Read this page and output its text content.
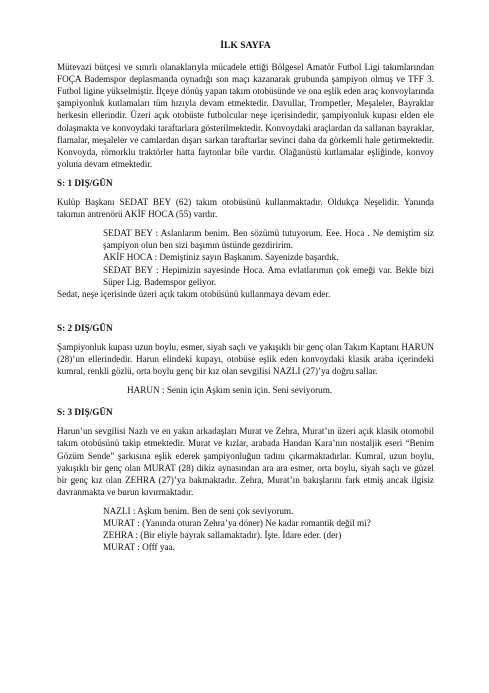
İLK SAYFA

Mütevazi bütçesi ve sınırlı olanaklarıyla mücadele ettiği Bölgesel Amatör Futbol Ligi takımlarından FOÇA Bademspor deplasmanda oynadığı son maçı kazanarak grubunda şampiyon olmuş ve TFF 3. Futbol ligine yükselmiştir. İlçeye dönüş yapan takım otobüsünde ve ona eşlik eden araç konvoylarında şampiyonluk kutlamaları tüm hızıyla devam etmektedir. Davullar, Trompetler, Meşaleler, Bayraklar herkesin ellerindir. Üzeri açık otobüste futbolcular neşe içerisindedir, şampiyonluk kupası elden ele dolaşmakta ve konvoydaki taraftarlara gösterilmektedir. Konvoydaki araçlardan da sallanan bayraklar, flamalar, meşaleler ve camlardan dışarı sarkan taraftarlar sevinci daha da görkemli hale getirmektedir. Konvoyda, römorklu traktörler hatta faytonlar bile vardır. Olağanüstü kutlamalar eşliğinde, konvoy yoluna devam etmektedir.

S: 1 DIŞ/GÜN

Kulüp Başkanı SEDAT BEY (62) takım otobüsünü kullanmaktadır. Oldukça Neşelidir. Yanında takımın antrenörü AKİF HOCA (55) vardır.

SEDAT BEY : Aslanlarım benim. Ben sözümü tutuyorum. Eee. Hoca . Ne demiştim siz şampiyon olun ben sizi başımın üstünde gezdiririm.

AKİF HOCA : Demiştiniz sayın Başkanım. Sayenizde başardık.

SEDAT BEY : Hepimizin sayesinde Hoca. Ama evlatlarımın çok emeği var. Bekle bizi Süper Lig. Bademspor geliyor.

Sedat, neşe içerisinde üzeri açık takım otobüsünü kullanmaya devam eder.

S: 2 DIŞ/GÜN

Şampiyonluk kupası uzun boylu, esmer, siyah saçlı ve yakışıklı bir genç olan Takım Kaptanı HARUN (28)’un ellerindedir. Harun elindeki kupayı, otobüse eşlik eden konvoydaki klasik araba içerindeki kumral, renkli gözlü, orta boylu genç bir kız olan sevgilisi NAZLI (27)’ya doğru sallar.

HARUN : Senin için Aşkım senin için. Seni seviyorum.

S: 3 DIŞ/GÜN

Harun’un sevgilisi Nazlı ve en yakın arkadaşları Murat ve Zehra, Murat’ın üzeri açık klasik otomobil takım otobüsünü takip etmektedir. Murat ve kızlar, arabada Handan Kara’nın nostaljik eseri “Benim Gözüm Sende” şarkısına eşlik ederek şampiyonluğun tadını çıkarmaktadırlar. Kumral, uzun boylu, yakışıklı bir genç olan MURAT (28) dikiz aynasından ara ara esmer, orta boylu, siyah saçlı ve güzel bir genç kız olan ZEHRA (27)’ya bakmaktadır. Zehra, Murat’ın bakışlarını fark etmiş ancak ilgisiz davranmakta ve burun kıvırmaktadır.

NAZLI : Aşkım benim. Ben de seni çok seviyorum.

MURAT : (Yanında oturan Zehra’ya döner) Ne kadar romantik değil mi?

ZEHRA : (Bir eliyle bayrak sallamaktadır). İşte. İdare eder. (der)

MURAT : Offf yaa.
